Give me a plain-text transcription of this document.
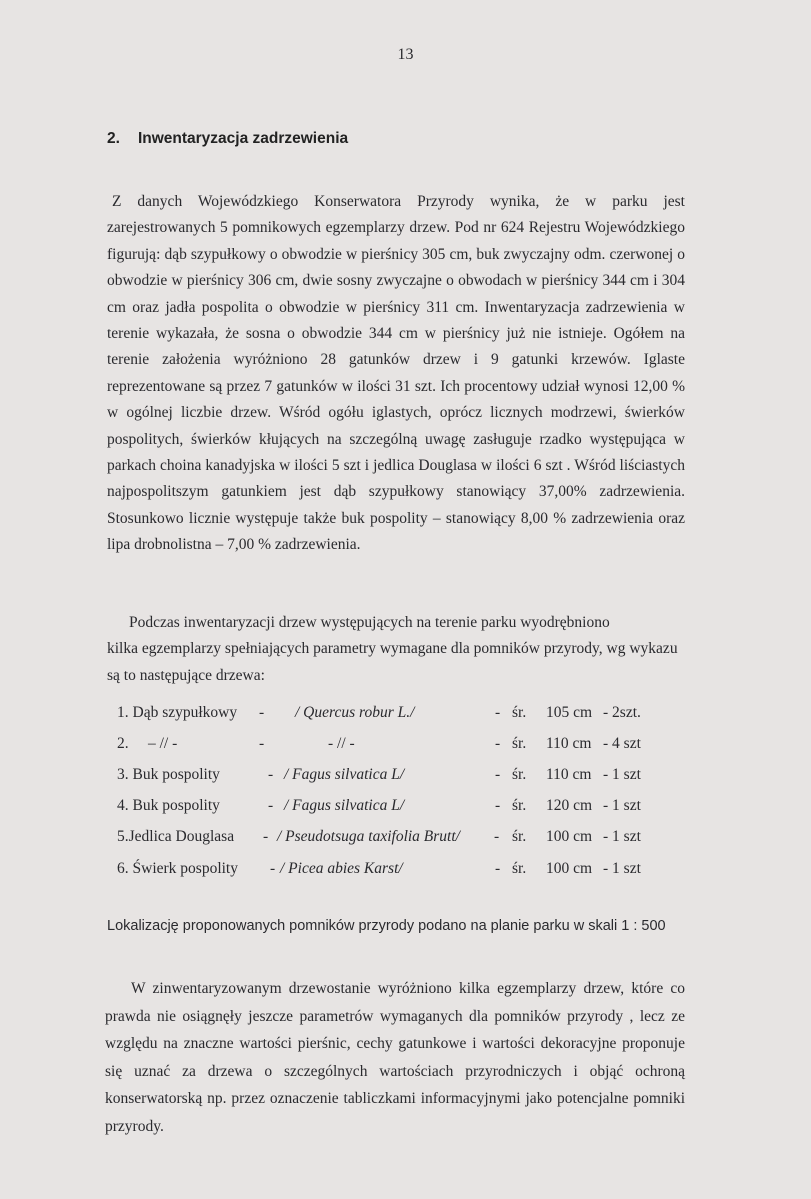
13
2. Inwentaryzacja zadrzewienia
Z danych Wojewódzkiego Konserwatora Przyrody wynika, że w parku jest zarejestrowanych 5 pomnikowych egzemplarzy drzew. Pod nr 624 Rejestru Wojewódzkiego figurują: dąb szypułkowy o obwodzie w pierśnicy 305 cm, buk zwyczajny odm. czerwonej o obwodzie w pierśnicy 306 cm, dwie sosny zwyczajne o obwodach w pierśnicy 344 cm i 304 cm oraz jadła pospolita o obwodzie w pierśnicy 311 cm. Inwentaryzacja zadrzewienia w terenie wykazała, że sosna o obwodzie 344 cm w pierśnicy już nie istnieje. Ogółem na terenie założenia wyróżniono 28 gatunków drzew i 9 gatunki krzewów. Iglaste reprezentowane są przez 7 gatunków w ilości 31 szt. Ich procentowy udział wynosi 12,00 % w ogólnej liczbie drzew. Wśród ogółu iglastych, oprócz licznych modrzewi, świerków pospolitych, świerków kłujących na szczególną uwagę zasługuje rzadko występująca w parkach choina kanadyjska w ilości 5 szt i jedlica Douglasa w ilości 6 szt . Wśród liściastych najpospolitszym gatunkiem jest dąb szypułkowy stanowiący 37,00% zadrzewienia. Stosunkowo licznie występuje także buk pospolity – stanowiący 8,00 % zadrzewienia oraz lipa drobnolistna – 7,00 % zadrzewienia.
Podczas inwentaryzacji drzew występujących na terenie parku wyodrębniono
kilka egzemplarzy spełniających parametry wymagane dla pomników przyrody, wg wykazu
są to następujące drzewa:
1. Dąb szypułkowy - / Quercus robur L./	- śr. 105 cm - 2szt.
2.     – // -	-	- // -	- śr. 110 cm - 4 szt
3. Buk pospolity	- / Fagus silvatica L/	- śr. 110 cm - 1 szt
4. Buk pospolity	- / Fagus silvatica L/	- śr. 120 cm - 1 szt
5.Jedlica Douglasa - / Pseudotsuga taxifolia Brutt/ - śr. 100 cm - 1 szt
6. Świerk pospolity - / Picea abies Karst/	- śr. 100 cm - 1 szt
Lokalizację proponowanych pomników przyrody podano na planie parku w skali 1 : 500
W zinwentaryzowanym drzewostanie wyróżniono kilka egzemplarzy drzew, które co prawda nie osiągnęły jeszcze parametrów wymaganych dla pomników przyrody , lecz ze względu na znaczne wartości pierśnic, cechy gatunkowe i wartości dekoracyjne proponuje się uznać za drzewa o szczególnych wartościach przyrodniczych i objąć ochroną konserwatorską np. przez oznaczenie tabliczkami informacyjnymi jako potencjalne pomniki przyrody.
